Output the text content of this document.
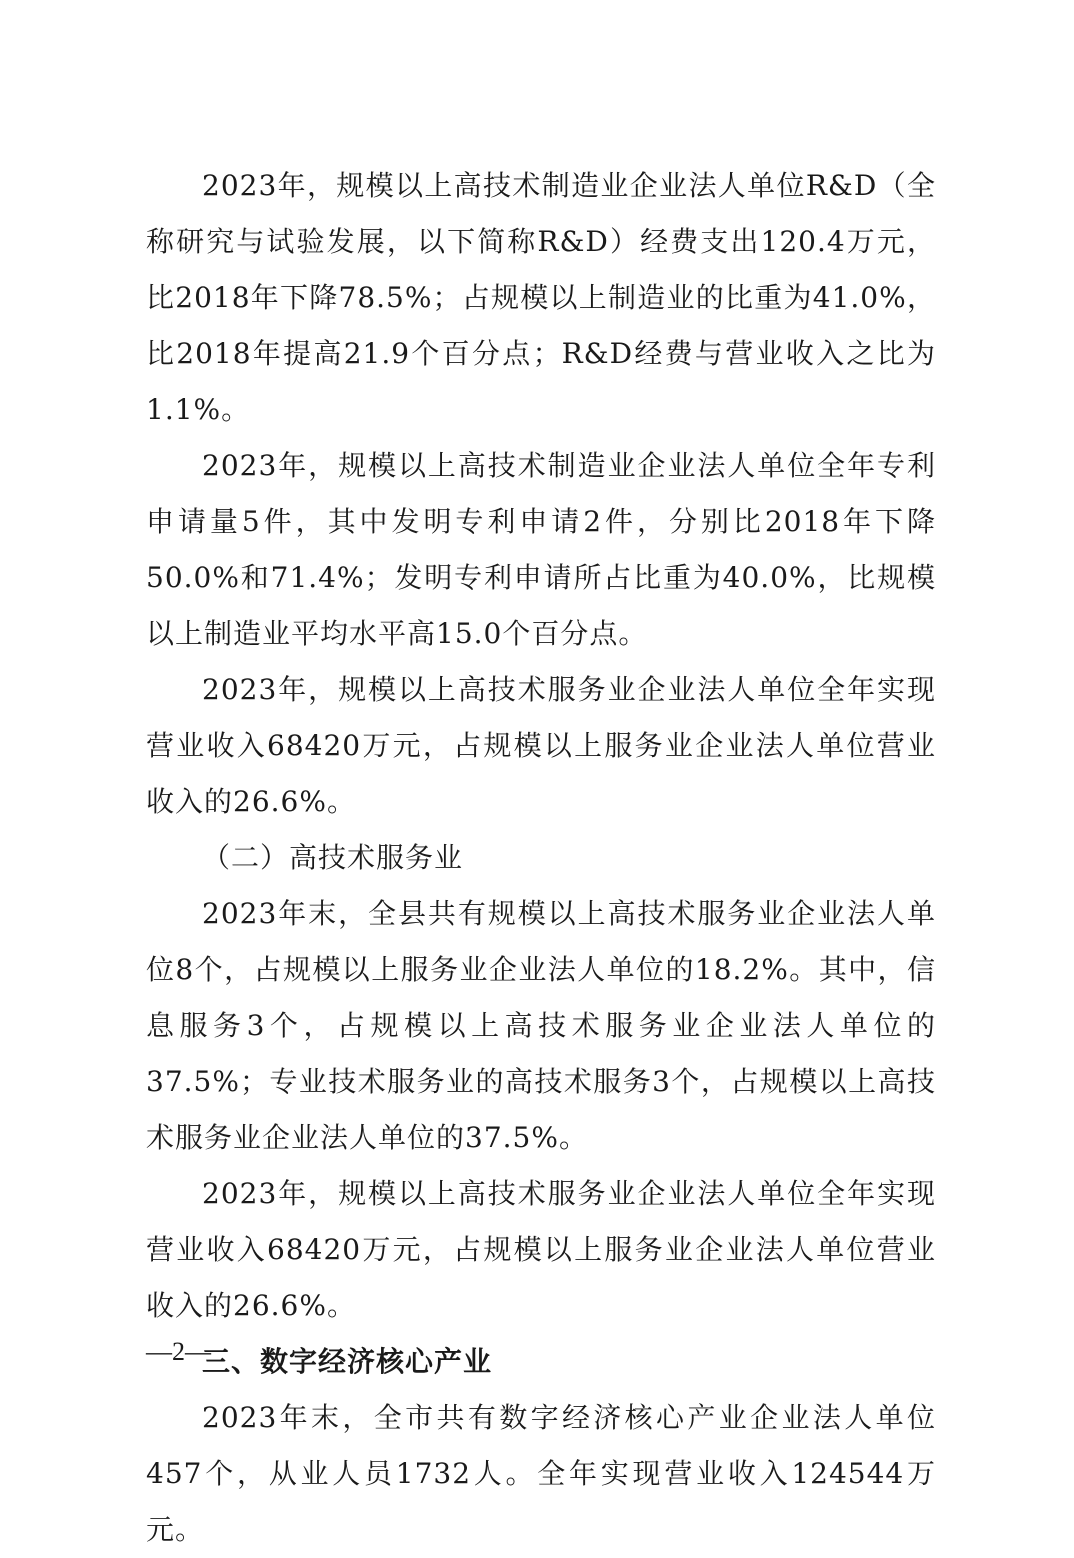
2023年，规模以上高技术制造业企业法人单位R&D（全称研究与试验发展，以下简称R&D）经费支出120.4万元，比2018年下降78.5%；占规模以上制造业的比重为41.0%，比2018年提高21.9个百分点；R&D经费与营业收入之比为1.1%。

2023年，规模以上高技术制造业企业法人单位全年专利申请量5件，其中发明专利申请2件，分别比2018年下降50.0%和71.4%；发明专利申请所占比重为40.0%，比规模以上制造业平均水平高15.0个百分点。

2023年，规模以上高技术服务业企业法人单位全年实现营业收入68420万元，占规模以上服务业企业法人单位营业收入的26.6%。

（二）高技术服务业

2023年末，全县共有规模以上高技术服务业企业法人单位8个，占规模以上服务业企业法人单位的18.2%。其中，信息服务3个，占规模以上高技术服务业企业法人单位的37.5%；专业技术服务业的高技术服务3个，占规模以上高技术服务业企业法人单位的37.5%。

2023年，规模以上高技术服务业企业法人单位全年实现营业收入68420万元，占规模以上服务业企业法人单位营业收入的26.6%。

三、数字经济核心产业

2023年末，全市共有数字经济核心产业企业法人单位457个，从业人员1732人。全年实现营业收入124544万元。

—2—
